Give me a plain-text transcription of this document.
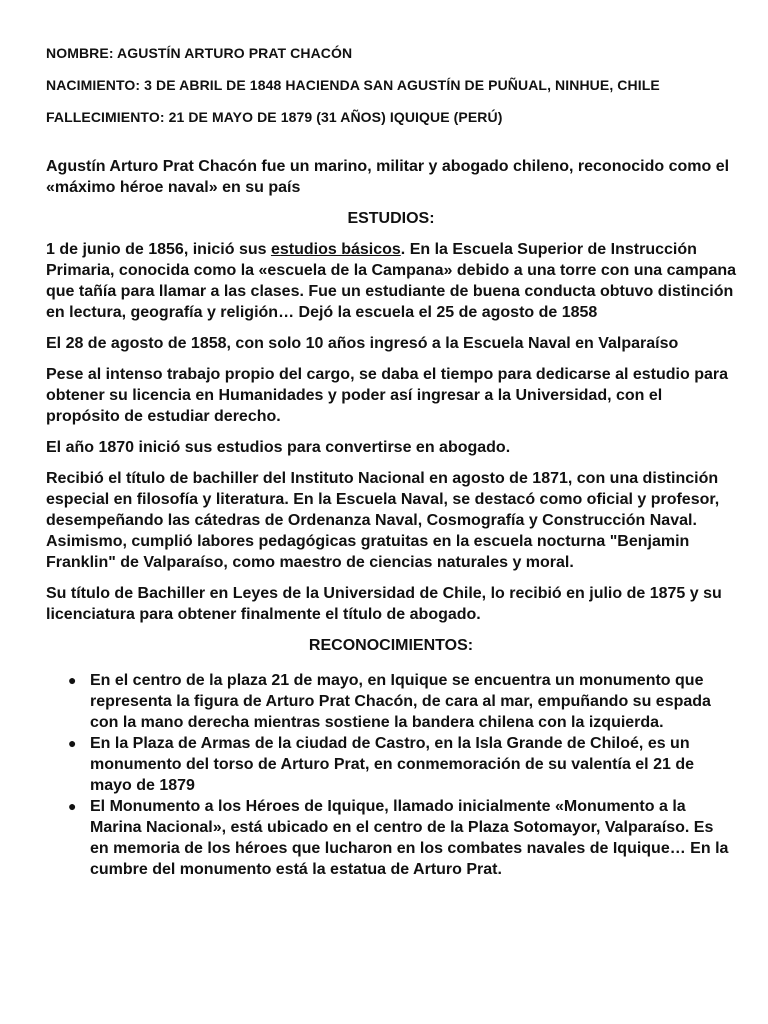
NOMBRE: AGUSTÍN ARTURO PRAT CHACÓN

NACIMIENTO: 3 DE ABRIL DE 1848 HACIENDA SAN AGUSTÍN DE PUÑUAL, NINHUE, CHILE

FALLECIMIENTO: 21 DE MAYO DE 1879 (31 AÑOS) IQUIQUE (PERÚ)

Agustín Arturo Prat Chacón fue un marino, militar y abogado chileno, reconocido como el «máximo héroe naval» en su país

ESTUDIOS:

1 de junio de 1856, inició sus estudios básicos. En la Escuela Superior de Instrucción Primaria, conocida como la «escuela de la Campana» debido a una torre con una campana que tañía para llamar a las clases. Fue un estudiante de buena conducta obtuvo distinción en lectura, geografía y religión… Dejó la escuela el 25 de agosto de 1858

El 28 de agosto de 1858, con solo 10 años ingresó a la Escuela Naval en Valparaíso

Pese al intenso trabajo propio del cargo, se daba el tiempo para dedicarse al estudio para obtener su licencia en Humanidades y poder así ingresar a la Universidad, con el propósito de estudiar derecho.

El año 1870 inició sus estudios para convertirse en abogado.

Recibió el título de bachiller del Instituto Nacional en agosto de 1871, con una distinción especial en filosofía y literatura. En la Escuela Naval, se destacó como oficial y profesor, desempeñando las cátedras de Ordenanza Naval, Cosmografía y Construcción Naval. Asimismo, cumplió labores pedagógicas gratuitas en la escuela nocturna "Benjamin Franklin" de Valparaíso, como maestro de ciencias naturales y moral.

Su título de Bachiller en Leyes de la Universidad de Chile, lo recibió en julio de 1875 y su licenciatura para obtener finalmente el título de abogado.

RECONOCIMIENTOS:

● En el centro de la plaza 21 de mayo, en Iquique se encuentra un monumento que representa la figura de Arturo Prat Chacón, de cara al mar, empuñando su espada con la mano derecha mientras sostiene la bandera chilena con la izquierda.
● En la Plaza de Armas de la ciudad de Castro, en la Isla Grande de Chiloé, es un monumento del torso de Arturo Prat, en conmemoración de su valentía el 21 de mayo de 1879
● El Monumento a los Héroes de Iquique, llamado inicialmente «Monumento a la Marina Nacional», está ubicado en el centro de la Plaza Sotomayor, Valparaíso. Es en memoria de los héroes que lucharon en los combates navales de Iquique… En la cumbre del monumento está la estatua de Arturo Prat.
